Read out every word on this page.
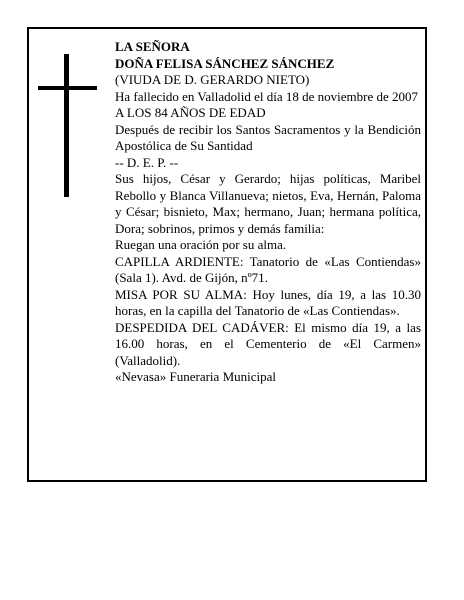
LA SEÑORA

DOÑA FELISA SÁNCHEZ SÁNCHEZ

(VIUDA DE D. GERARDO NIETO)

Ha fallecido en Valladolid el día 18 de noviembre de 2007

A LOS 84 AÑOS DE EDAD

Después de recibir los Santos Sacramentos y la Bendición Apostólica de Su Santidad

-- D. E. P. --

Sus hijos, César y Gerardo; hijas políticas, Maribel Rebollo y Blanca Villanueva; nietos, Eva, Hernán, Paloma y César; bisnieto, Max; hermano, Juan; hermana política, Dora; sobrinos, primos y demás familia:

Ruegan una oración por su alma.

CAPILLA ARDIENTE: Tanatorio de «Las Contiendas» (Sala 1). Avd. de Gijón, nº71.

MISA POR SU ALMA: Hoy lunes, día 19, a las 10.30 horas, en la capilla del Tanatorio de «Las Contiendas».

DESPEDIDA DEL CADÁVER: El mismo día 19, a las 16.00 horas, en el Cementerio de «El Carmen» (Valladolid).

«Nevasa» Funeraria Municipal
